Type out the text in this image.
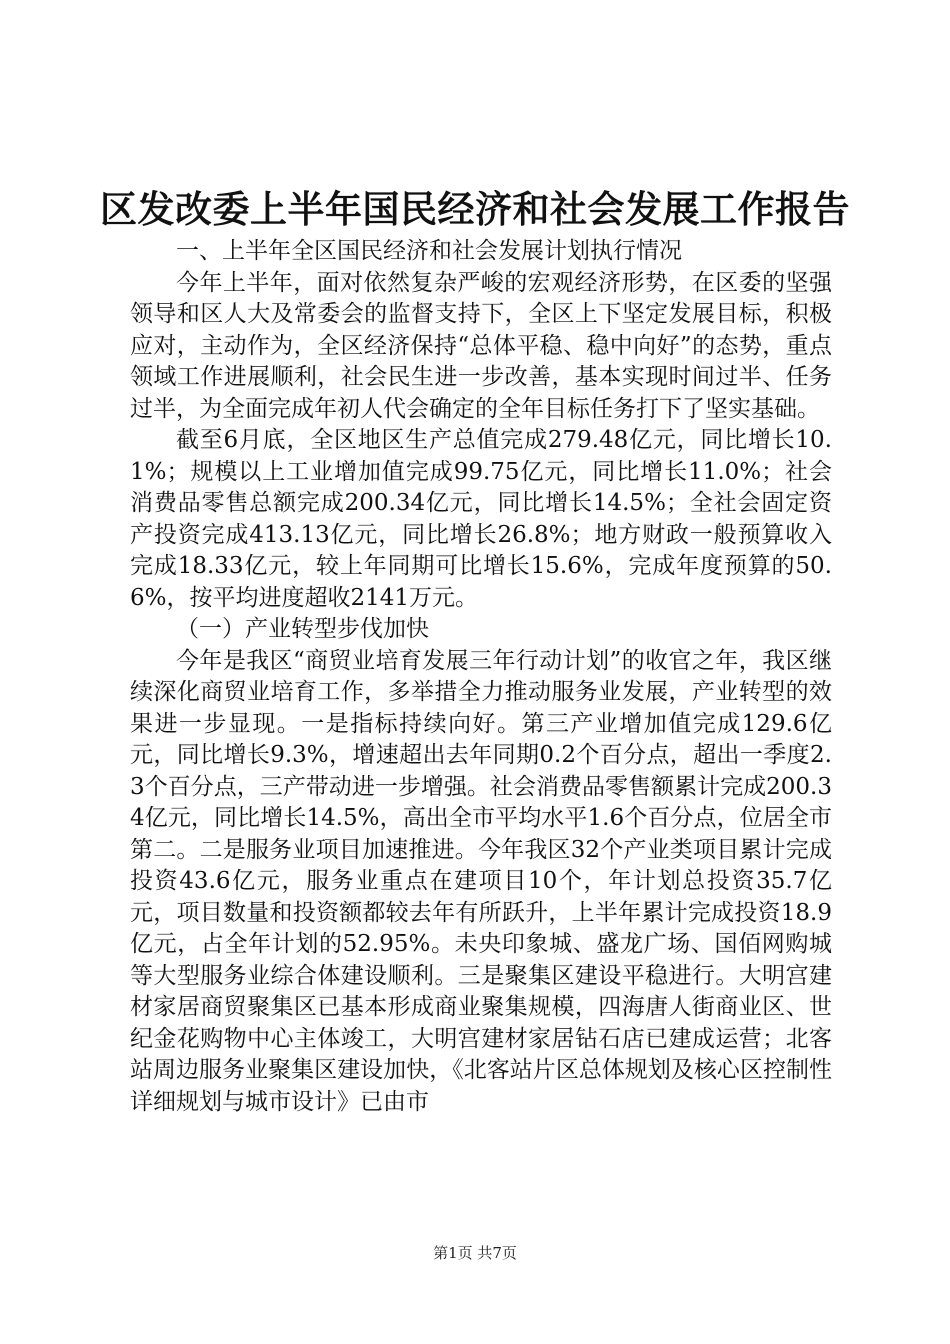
区发改委上半年国民经济和社会发展工作报告

一、上半年全区国民经济和社会发展计划执行情况

今年上半年，面对依然复杂严峻的宏观经济形势，在区委的坚强领导和区人大及常委会的监督支持下，全区上下坚定发展目标，积极应对，主动作为，全区经济保持“总体平稳、稳中向好”的态势，重点领域工作进展顺利，社会民生进一步改善，基本实现时间过半、任务过半，为全面完成年初人代会确定的全年目标任务打下了坚实基础。

截至6月底，全区地区生产总值完成279.48亿元，同比增长10.1%；规模以上工业增加值完成99.75亿元，同比增长11.0%；社会消费品零售总额完成200.34亿元，同比增长14.5%；全社会固定资产投资完成413.13亿元，同比增长26.8%；地方财政一般预算收入完成18.33亿元，较上年同期可比增长15.6%，完成年度预算的50.6%，按平均进度超收2141万元。

（一）产业转型步伐加快

今年是我区“商贸业培育发展三年行动计划”的收官之年，我区继续深化商贸业培育工作，多举措全力推动服务业发展，产业转型的效果进一步显现。一是指标持续向好。第三产业增加值完成129.6亿元，同比增长9.3%，增速超出去年同期0.2个百分点，超出一季度2.3个百分点，三产带动进一步增强。社会消费品零售额累计完成200.34亿元，同比增长14.5%，高出全市平均水平1.6个百分点，位居全市第二。二是服务业项目加速推进。今年我区32个产业类项目累计完成投资43.6亿元，服务业重点在建项目10个，年计划总投资35.7亿元，项目数量和投资额都较去年有所跃升，上半年累计完成投资18.9亿元，占全年计划的52.95%。未央印象城、盛龙广场、国佰网购城等大型服务业综合体建设顺利。三是聚集区建设平稳进行。大明宫建材家居商贸聚集区已基本形成商业聚集规模，四海唐人街商业区、世纪金花购物中心主体竣工，大明宫建材家居钻石店已建成运营；北客站周边服务业聚集区建设加快，《北客站片区总体规划及核心区控制性详细规划与城市设计》已由市

第1页 共7页
